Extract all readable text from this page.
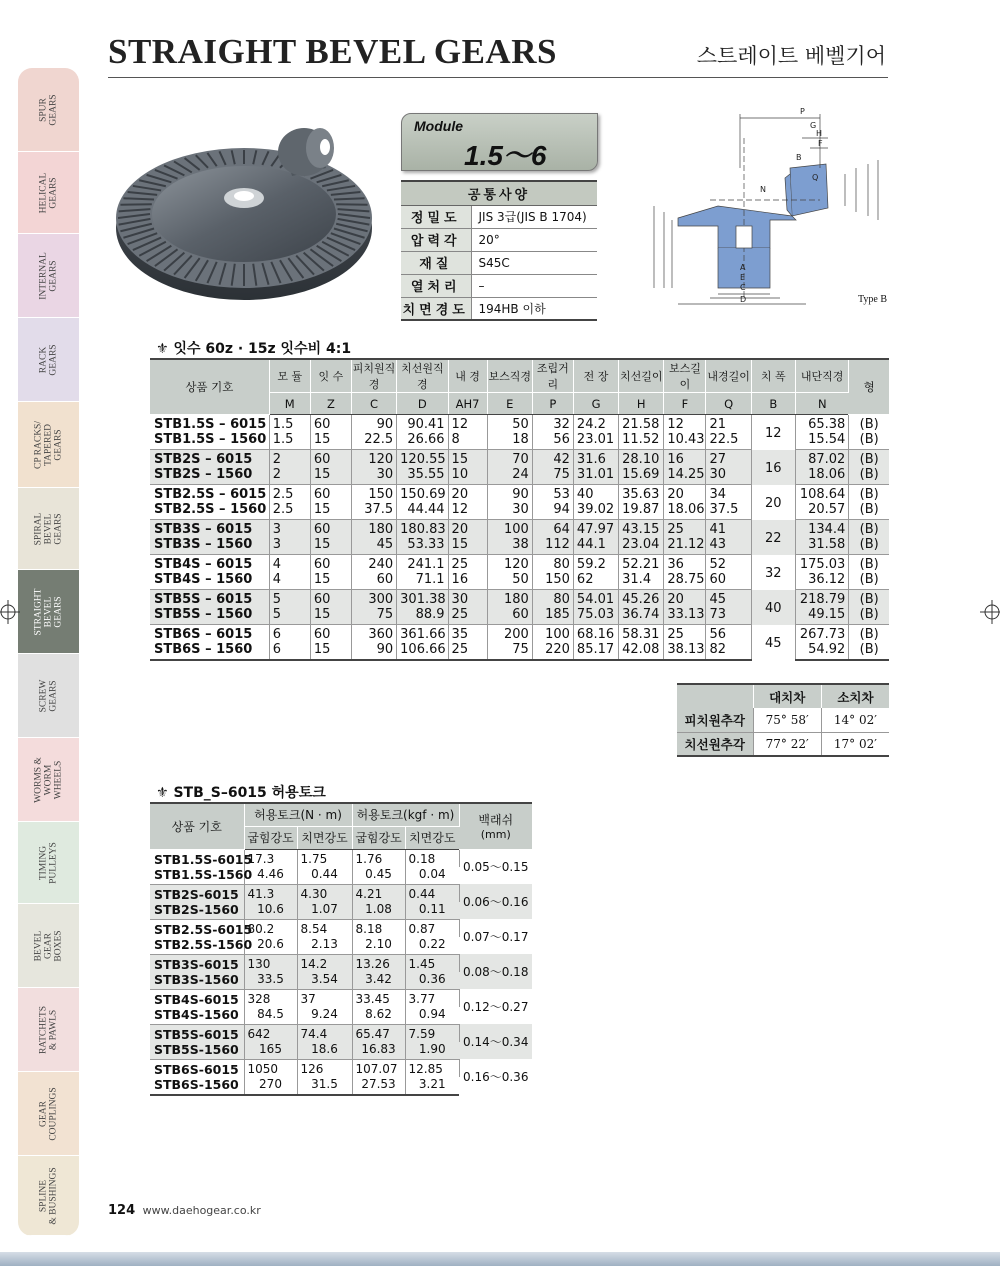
STRAIGHT BEVEL GEARS	스트레이트 베벨기어
SPUR
GEARS
HELICAL
GEARS
INTERNAL
GEARS
RACK
GEARS
CP RACKS/
TAPERED
GEARS
SPIRAL
BEVEL
GEARS
STRAIGHT
BEVEL
GEARS
SCREW
GEARS
WORMS &
WORM
WHEELS
TIMING
PULLEYS
BEVEL
GEAR
BOXES
RATCHETS
& PAWLS
GEAR
COUPLINGS
SPLINE
& BUSHINGS
Module
1.5～6
공통사양	
정밀도	JIS 3급(JIS B 1704)
압력각	20°
재질	S45C
열처리	–
치면경도	194HB 이하
P
G
H
F
B
Q
N
A
E
C
D	Type B
⚜ 잇수 60z · 15z 잇수비 4:1
상품 기호	모 듈	잇 수	피치원직경	치선원직경	내 경	보스직경	조립거리	전 장	치선길이	보스길이	내경길이	치 폭	내단직경	형
	M	Z	C	D	AH7	E	P	G	H	F	Q	B	N	
STB1.5S – 6015	1.5	60	90	90.41	12	50	32	24.2	21.58	12	21	12	65.38	(B)
STB1.5S – 1560	1.5	15	22.5	26.66	8	18	56	23.01	11.52	10.43	22.5		15.54	(B)
STB2S – 6015	2	60	120	120.55	15	70	42	31.6	28.10	16	27	16	87.02	(B)
STB2S – 1560	2	15	30	35.55	10	24	75	31.01	15.69	14.25	30		18.06	(B)
STB2.5S – 6015	2.5	60	150	150.69	20	90	53	40	35.63	20	34	20	108.64	(B)
STB2.5S – 1560	2.5	15	37.5	44.44	12	30	94	39.02	19.87	18.06	37.5		20.57	(B)
STB3S – 6015	3	60	180	180.83	20	100	64	47.97	43.15	25	41	22	134.4	(B)
STB3S – 1560	3	15	45	53.33	15	38	112	44.1	23.04	21.12	43		31.58	(B)
STB4S – 6015	4	60	240	241.1	25	120	80	59.2	52.21	36	52	32	175.03	(B)
STB4S – 1560	4	15	60	71.1	16	50	150	62	31.4	28.75	60		36.12	(B)
STB5S – 6015	5	60	300	301.38	30	180	80	54.01	45.26	20	45	40	218.79	(B)
STB5S – 1560	5	15	75	88.9	25	60	185	75.03	36.74	33.13	73		49.15	(B)
STB6S – 6015	6	60	360	361.66	35	200	100	68.16	58.31	25	56	45	267.73	(B)
STB6S – 1560	6	15	90	106.66	25	75	220	85.17	42.08	38.13	82		54.92	(B)
	대치차	소치차
피치원추각	75° 58′	14° 02′
치선원추각	77° 22′	17° 02′
⚜ STB_S–6015 허용토크
상품 기호	허용토크(N · m)		허용토크(kgf · m)		백래쉬
(mm)

	굽힘강도	치면강도	굽힘강도	치면강도	
STB1.5S-6015	17.3	1.75	1.76	0.18	0.05～0.15
STB1.5S-1560	4.46	0.44	0.45	0.04	
STB2S-6015	41.3	4.30	4.21	0.44	0.06～0.16
STB2S-1560	10.6	1.07	1.08	0.11	
STB2.5S-6015	80.2	8.54	8.18	0.87	0.07～0.17
STB2.5S-1560	20.6	2.13	2.10	0.22	
STB3S-6015	130	14.2	13.26	1.45	0.08～0.18
STB3S-1560	33.5	3.54	3.42	0.36	
STB4S-6015	328	37	33.45	3.77	0.12～0.27
STB4S-1560	84.5	9.24	8.62	0.94	
STB5S-6015	642	74.4	65.47	7.59	0.14～0.34
STB5S-1560	165	18.6	16.83	1.90	
STB6S-6015	1050	126	107.07	12.85	0.16～0.36
STB6S-1560	270	31.5	27.53	3.21	
124 www.daehogear.co.kr
